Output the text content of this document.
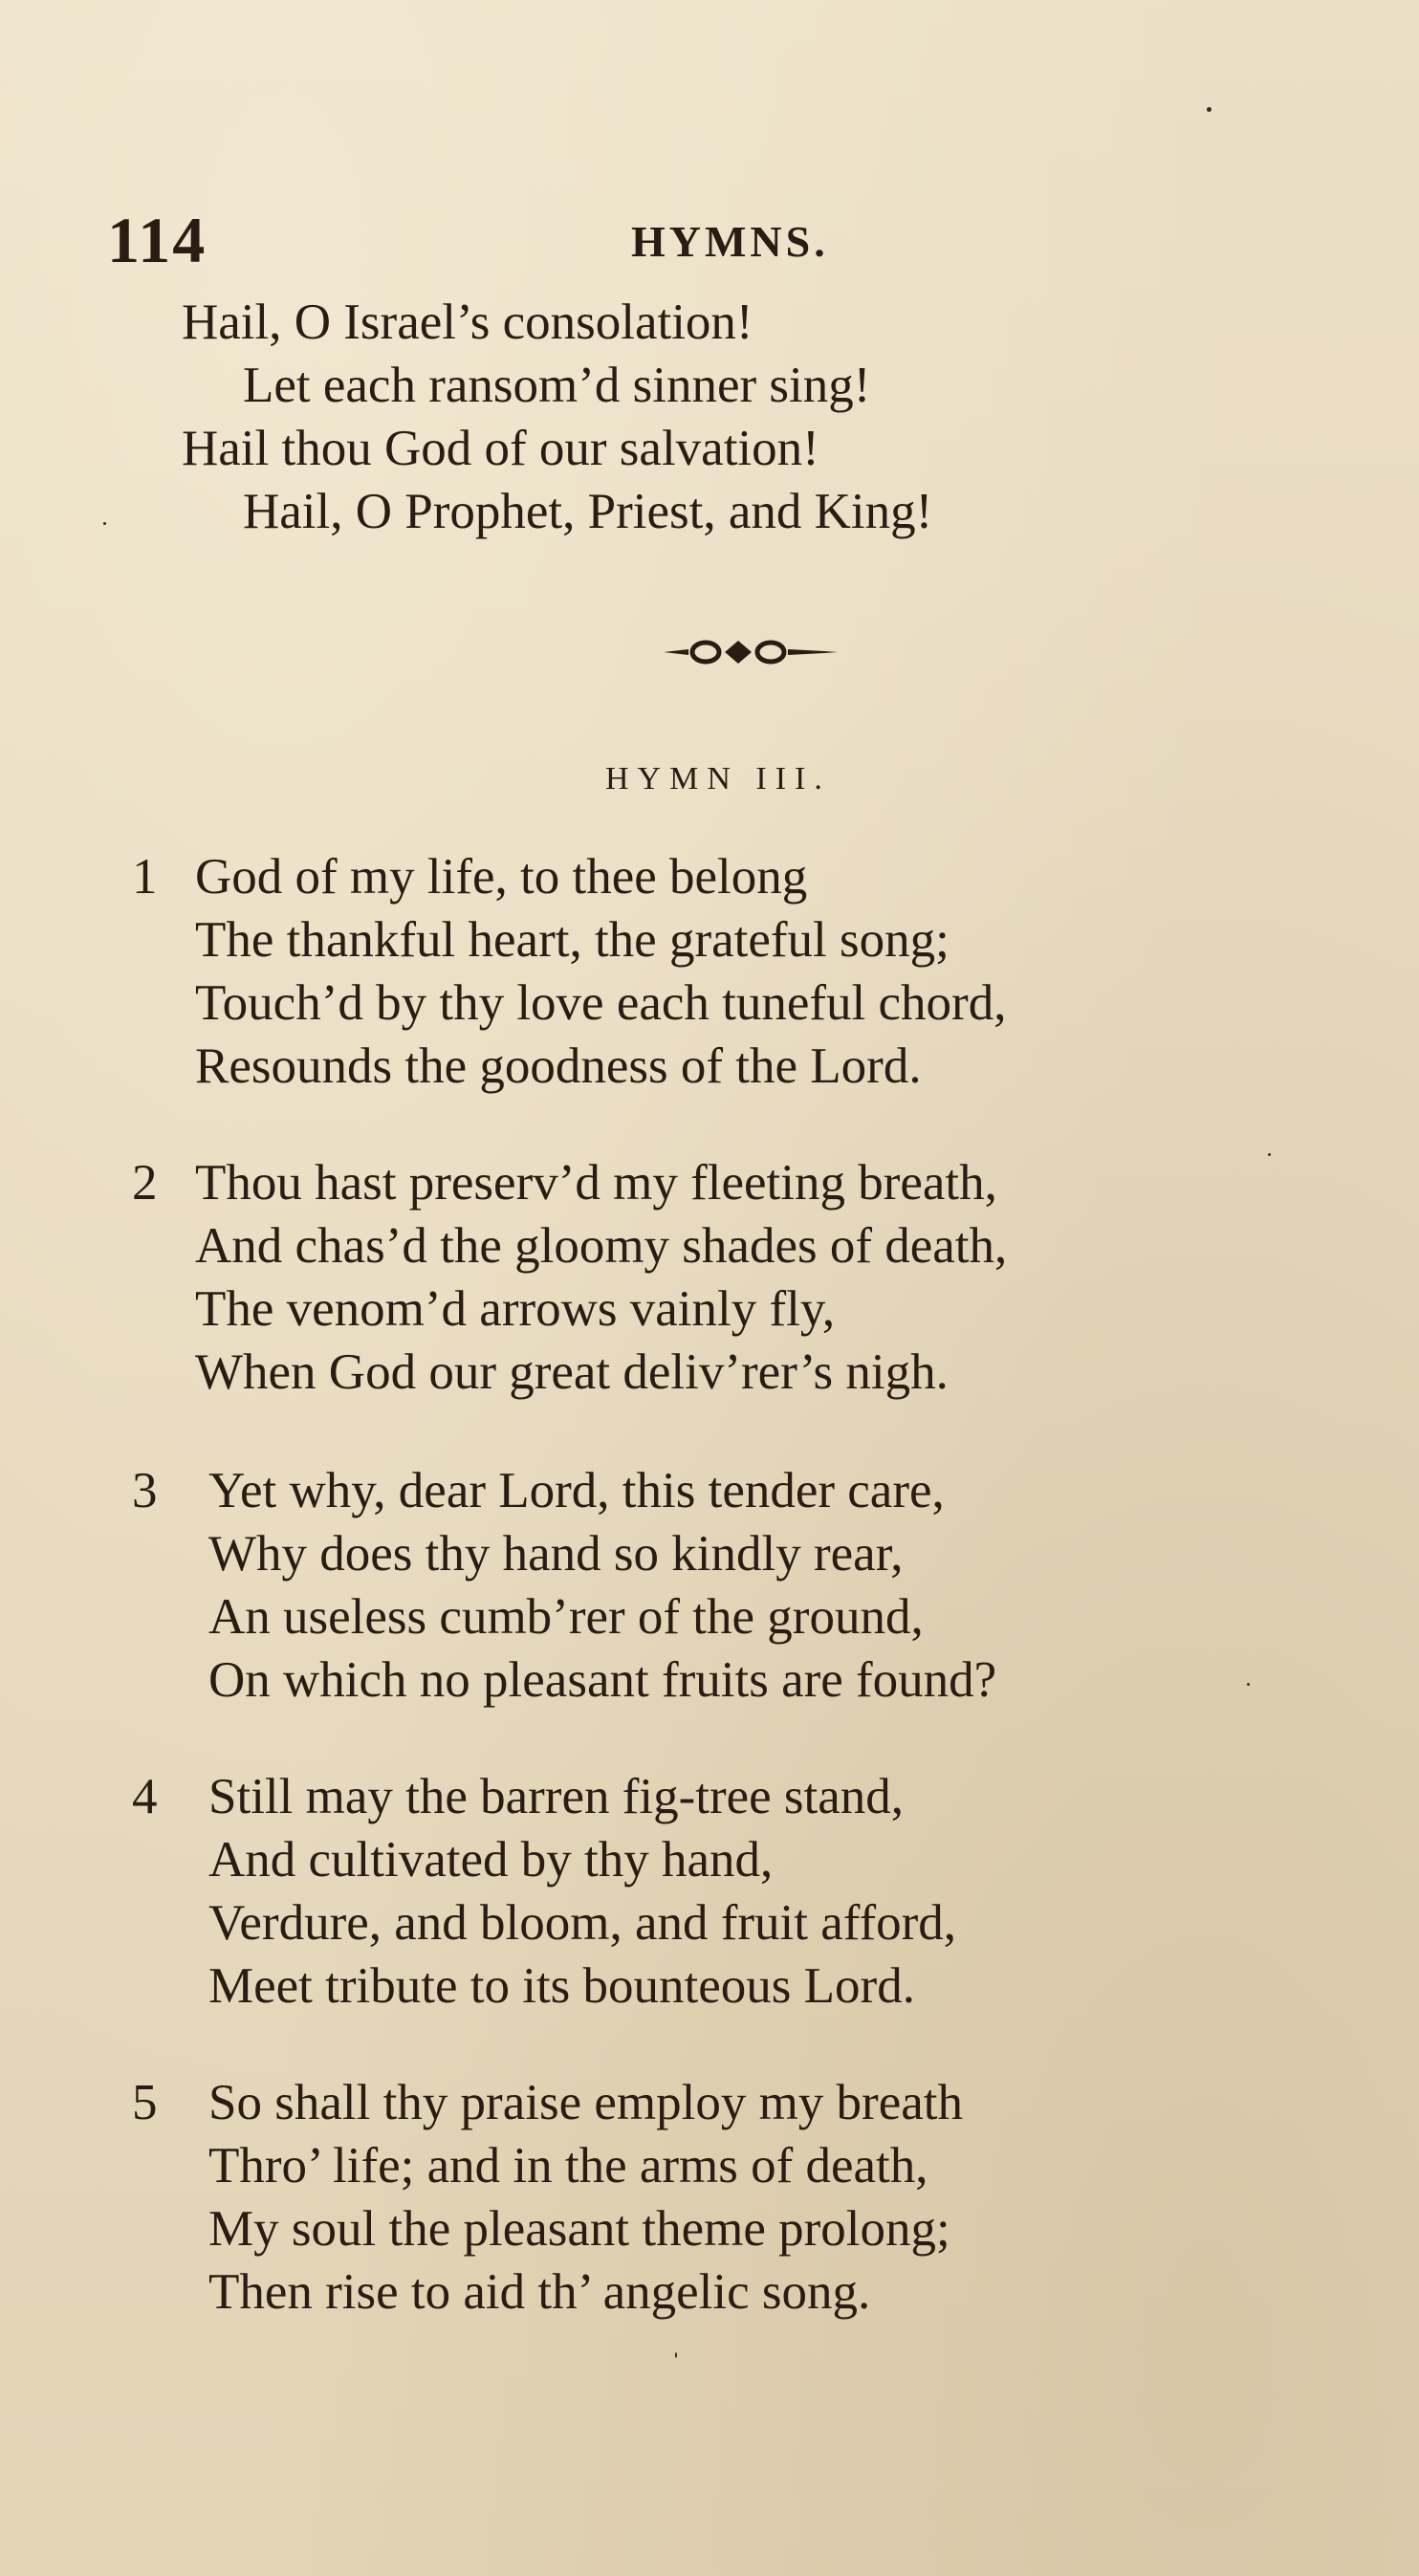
114	HYMNS.
Hail, O Israel’s consolation!
Let each ransom’d sinner sing!
Hail thou God of our salvation!
Hail, O Prophet, Priest, and King!
HYMN III.
1 God of my life, to thee belong
The thankful heart, the grateful song;
Touch’d by thy love each tuneful chord,
Resounds the goodness of the Lord.
2 Thou hast preserv’d my fleeting breath,
And chas’d the gloomy shades of death,
The venom’d arrows vainly fly,
When God our great deliv’rer’s nigh.
3	Yet why, dear Lord, this tender care,
Why does thy hand so kindly rear,
An useless cumb’rer of the ground,
On which no pleasant fruits are found?
4	Still may the barren fig-tree stand,
And cultivated by thy hand,
Verdure, and bloom, and fruit afford,
Meet tribute to its bounteous Lord.
5	So shall thy praise employ my breath
Thro’ life; and in the arms of death,
My soul the pleasant theme prolong;
Then rise to aid th’ angelic song.
